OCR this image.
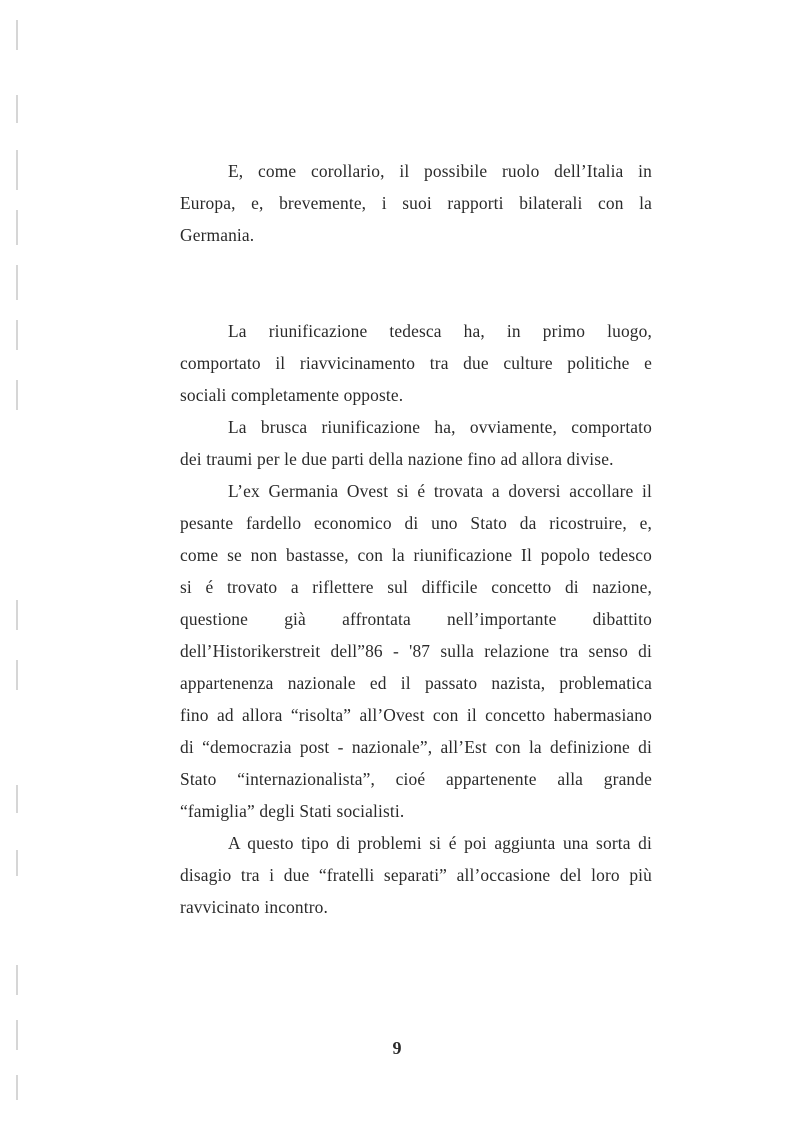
E, come corollario, il possibile ruolo dell’Italia in
Europa, e, brevemente, i suoi rapporti bilaterali con la
Germania.
La riunificazione tedesca ha, in primo luogo,
comportato il riavvicinamento tra due culture politiche e
sociali completamente opposte.
La brusca riunificazione ha, ovviamente, comportato
dei traumi per le due parti della nazione fino ad allora divise.
L’ex Germania Ovest si é trovata a doversi accollare il
pesante fardello economico di uno Stato da ricostruire, e,
come se non bastasse, con la riunificazione Il popolo tedesco
si é trovato a riflettere sul difficile concetto di nazione,
questione già affrontata nell’importante dibattito
dell’Historikerstreit dell”86 - '87 sulla relazione tra senso di
appartenenza nazionale ed il passato nazista, problematica
fino ad allora “risolta” all’Ovest con il concetto habermasiano
di “democrazia post - nazionale”, all’Est con la definizione di
Stato “internazionalista”, cioé appartenente alla grande
“famiglia” degli Stati socialisti.
A questo tipo di problemi si é poi aggiunta una sorta di
disagio tra i due “fratelli separati” all’occasione del loro più
ravvicinato incontro.
9
